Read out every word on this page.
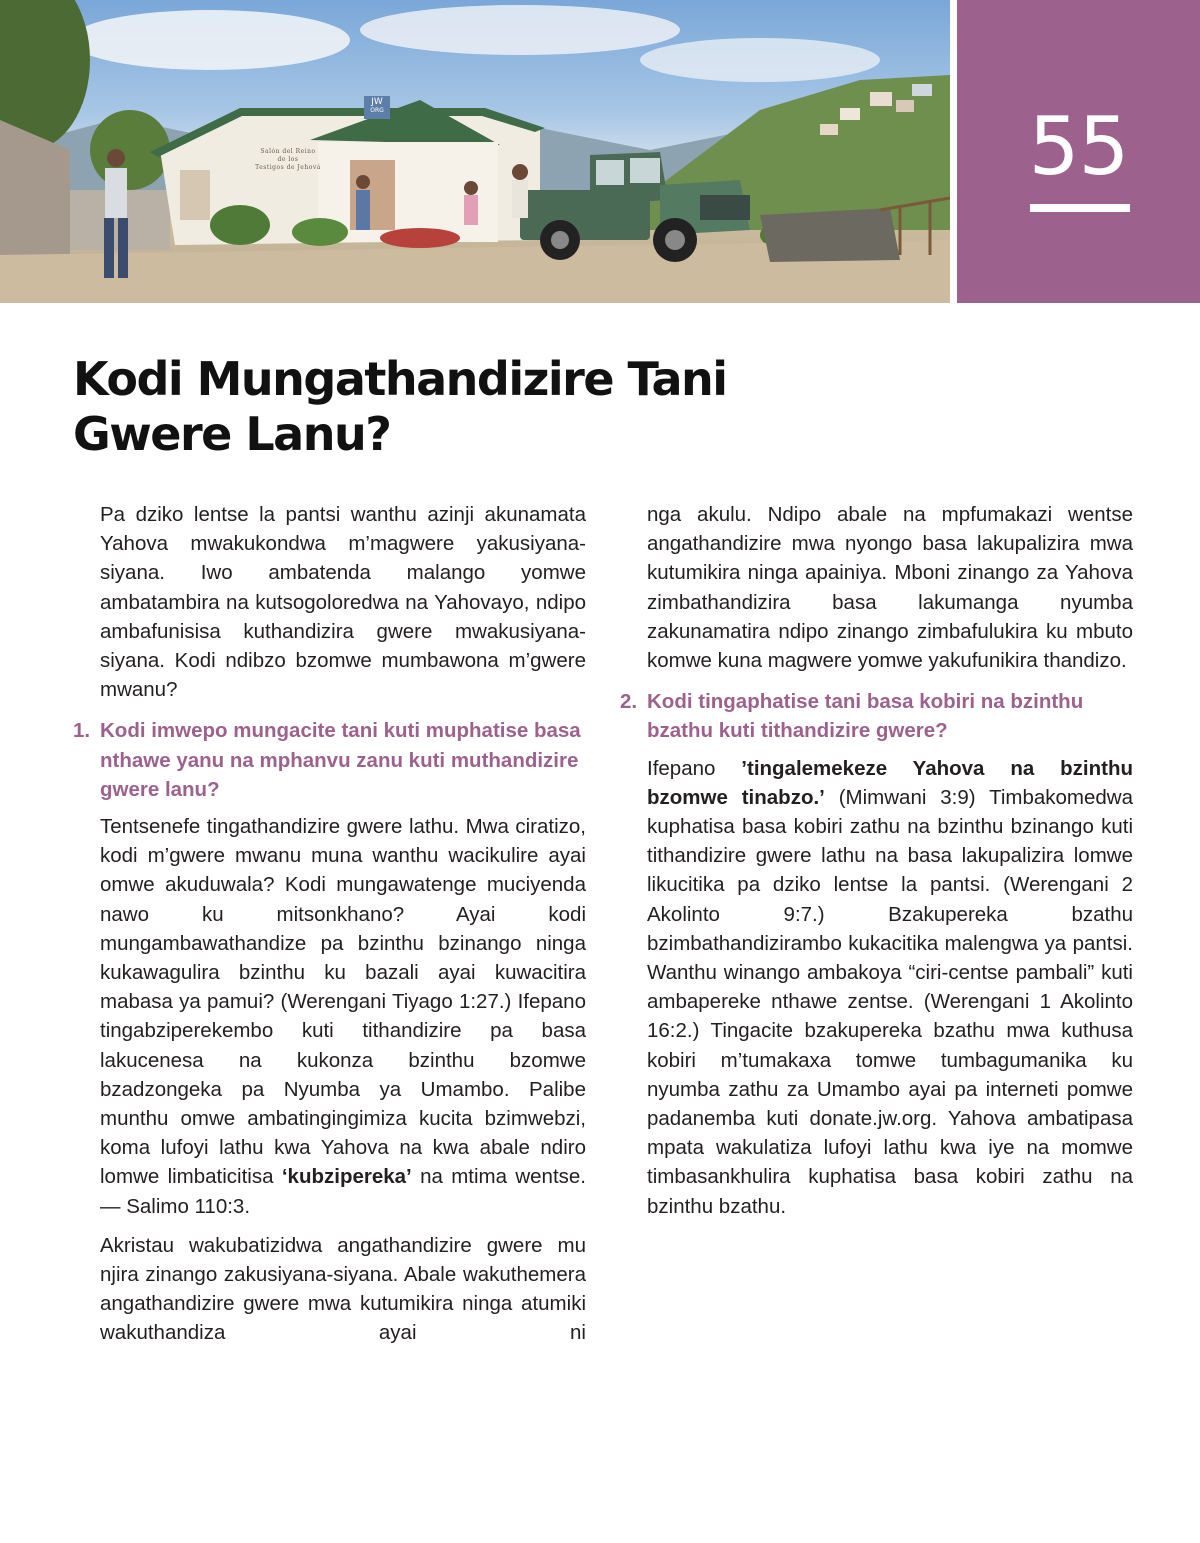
JW
ORG
Salón del Reino
de los
Testigos de Jehová	55
Kodi Mungathandizire Tani
Gwere Lanu?

Pa dziko lentse la pantsi wanthu azinji akunamata Yahova mwakukondwa m’magwere yakusiyana-siyana. Iwo ambatenda malango yomwe ambatambira na kutsogoloredwa na Yahovayo, ndipo ambafunisisa kuthandizira gwere mwakusiyana-siyana. Kodi ndibzo bzomwe mumbawona m’gwere mwanu?

1. Kodi imwepo mungacite tani kuti muphatise basa nthawe yanu na mphanvu zanu kuti muthandizire gwere lanu?

Tentsenefe tingathandizire gwere lathu. Mwa ciratizo, kodi m’gwere mwanu muna wanthu wacikulire ayai omwe akuduwala? Kodi mungawatenge muciyenda nawo ku mitsonkhano? Ayai kodi mungambawathandize pa bzinthu bzinango ninga kukawagulira bzinthu ku bazali ayai kuwacitira mabasa ya pamui? (Werengani Tiyago 1:27.) Ifepano tingabziperekembo kuti tithandizire pa basa lakucenesa na kukonza bzinthu bzomwe bzadzongeka pa Nyumba ya Umambo. Palibe munthu omwe ambatingingimiza kucita bzimwebzi, koma lufoyi lathu kwa Yahova na kwa abale ndiro lomwe limbaticitisa ‘kubzipereka’ na mtima wentse. — Salimo 110:3.

Akristau wakubatizidwa angathandizire gwere mu njira zinango zakusiyana-siyana. Abale wakuthemera angathandizire gwere mwa kutumikira ninga atumiki wakuthandiza ayai ni

nga akulu. Ndipo abale na mpfumakazi wentse angathandizire mwa nyongo basa lakupalizira mwa kutumikira ninga apainiya. Mboni zinango za Yahova zimbathandizira basa lakumanga nyumba zakunamatira ndipo zinango zimbafulukira ku mbuto komwe kuna magwere yomwe yakufunikira thandizo.

2. Kodi tingaphatise tani basa kobiri na bzinthu bzathu kuti tithandizire gwere?

Ifepano ’tingalemekeze Yahova na bzinthu bzomwe tinabzo.’ (Mimwani 3:9) Timbakomedwa kuphatisa basa kobiri zathu na bzinthu bzinango kuti tithandizire gwere lathu na basa lakupalizira lomwe likucitika pa dziko lentse la pantsi. (Werengani 2 Akolinto 9:7.) Bzakupereka bzathu bzimbathandizirambo kukacitika malengwa ya pantsi. Wanthu winango ambakoya “ciri-centse pambali” kuti ambapereke nthawe zentse. (Werengani 1 Akolinto 16:2.) Tingacite bzakupereka bzathu mwa kuthusa kobiri m’tumakaxa tomwe tumbagumanika ku nyumba zathu za Umambo ayai pa interneti pomwe padanemba kuti donate.jw.org. Yahova ambatipasa mpata wakulatiza lufoyi lathu kwa iye na momwe timbasankhulira kuphatisa basa kobiri zathu na bzinthu bzathu.
